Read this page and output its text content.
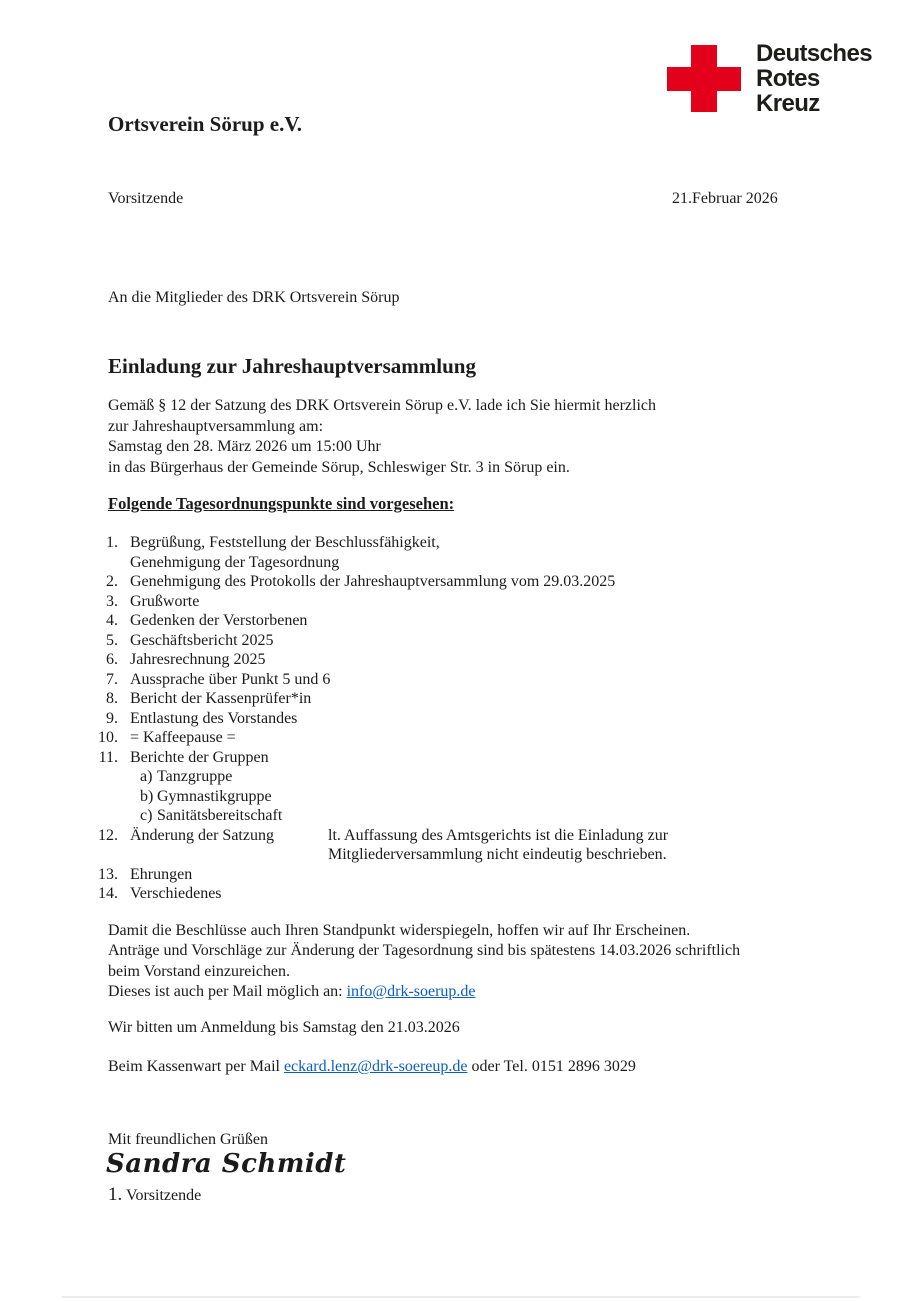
Deutsches
Rotes
Kreuz
Ortsverein Sörup e.V.
Vorsitzende	21.Februar 2026
An die Mitglieder des DRK Ortsverein Sörup
Einladung zur Jahreshauptversammlung
Gemäß § 12 der Satzung des DRK Ortsverein Sörup e.V. lade ich Sie hiermit herzlich
zur Jahreshauptversammlung am:
Samstag den 28. März 2026 um 15:00 Uhr
in das Bürgerhaus der Gemeinde Sörup, Schleswiger Str. 3 in Sörup ein.
Folgende Tagesordnungspunkte sind vorgesehen:
1. Begrüßung, Feststellung der Beschlussfähigkeit,
Genehmigung der Tagesordnung
2. Genehmigung des Protokolls der Jahreshauptversammlung vom 29.03.2025
3. Grußworte
4. Gedenken der Verstorbenen
5. Geschäftsbericht 2025
6. Jahresrechnung 2025
7. Aussprache über Punkt 5 und 6
8. Bericht der Kassenprüfer*in
9. Entlastung des Vorstandes
10. = Kaffeepause =
11. Berichte der Gruppen
a) Tanzgruppe
b) Gymnastikgruppe
c) Sanitätsbereitschaft
12. Änderung der Satzung	lt. Auffassung des Amtsgerichts ist die Einladung zur
Mitgliederversammlung nicht eindeutig beschrieben.
13. Ehrungen
14. Verschiedenes
Damit die Beschlüsse auch Ihren Standpunkt widerspiegeln, hoffen wir auf Ihr Erscheinen.
Anträge und Vorschläge zur Änderung der Tagesordnung sind bis spätestens 14.03.2026 schriftlich
beim Vorstand einzureichen.
Dieses ist auch per Mail möglich an: info@drk-soerup.de
Wir bitten um Anmeldung bis Samstag den 21.03.2026
Beim Kassenwart per Mail eckard.lenz@drk-soereup.de oder Tel. 0151 2896 3029
Mit freundlichen Grüßen
Sandra Schmidt
1. Vorsitzende
